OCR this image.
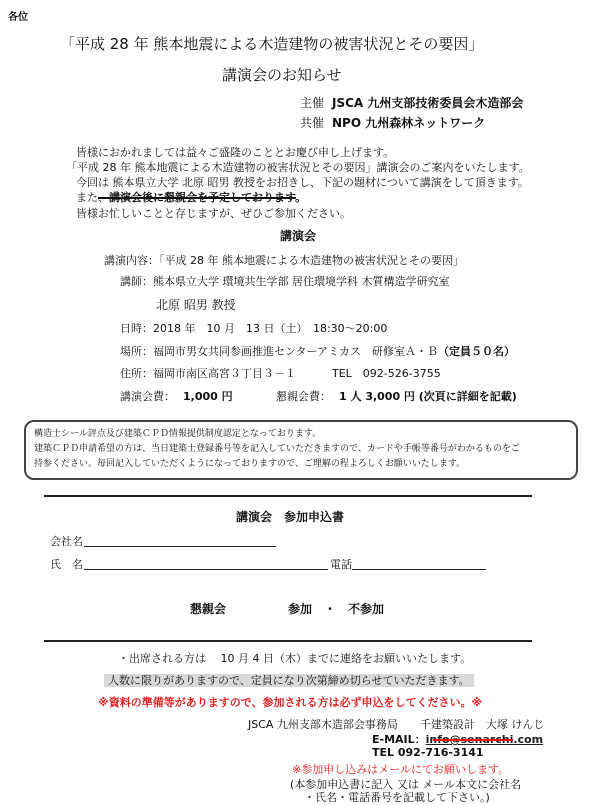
各位
「平成 28 年 熊本地震による木造建物の被害状況とその要因」
講演会のお知らせ
主催 JSCA 九州支部技術委員会木造部会
共催 NPO 九州森林ネットワーク
皆様におかれましては益々ご盛隆のこととお慶び申し上げます。
「平成 28 年 熊本地震による木造建物の被害状況とその要因」講演会のご案内をいたします。
今回は 熊本県立大学 北原 昭男 教授をお招きし、下記の題材について講演をして頂きます。
また、講演会後に懇親会を予定しております。
皆様お忙しいことと存じますが、ぜひご参加ください。
講演会
講演内容：「平成 28 年 熊本地震による木造建物の被害状況とその要因」
講師：熊本県立大学 環境共生学部 居住環境学科 木質構造学研究室
北原 昭男 教授
日時：2018 年　10 月　13 日（土）　18:30～20:00
場所：福岡市男女共同参画推進センターアミカス　研修室Ａ・Ｂ（定員５０名）
住所：福岡市南区高宮３丁目３－１	TEL　092-526-3755
講演会費： 1,000 円	懇親会費： 1 人 3,000 円 (次頁に詳細を記載)
構造士シール評点及び建築ＣＰＤ情報提供制度認定となっております。
建築ＣＰＤ申請希望の方は、当日建築士登録番号等を記入していただきますので、カードや手帳等番号がわかるものをご
持参ください。毎回記入していただくようになっておりますので、ご理解の程よろしくお願いいたします。
講演会　参加申込書
会社名
氏　名	電話
懇親会	参加　・　不参加
・出席される方は　 10 月 4 日（木）までに連絡をお願いいたします。
人数に限りがありますので、定員になり次第締め切らせていただきます。
※資料の準備等がありますので、参加される方は必ず申込をしてください。※
JSCA 九州支部木造部会事務局　　千建築設計　大塚 けんじ
E-MAIL：info@senarchi.com
TEL 092-716-3141
※参加申し込みはメールにてお願いします。
(本参加申込書に記入 又は メール本文に会社名
・氏名・電話番号を記載して下さい。)
